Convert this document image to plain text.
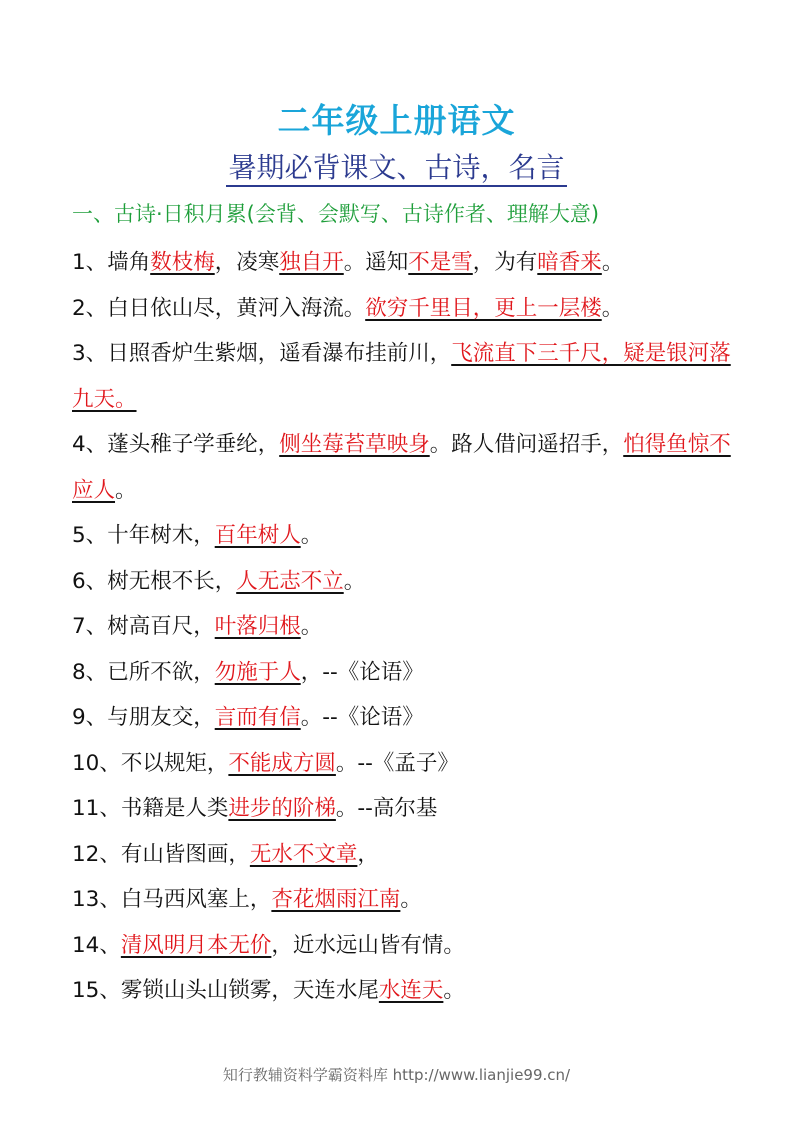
二年级上册语文
暑期必背课文、古诗，名言
一、古诗·日积月累(会背、会默写、古诗作者、理解大意)
1、墙角数枝梅，凌寒独自开。遥知不是雪，为有暗香来。
2、白日依山尽，黄河入海流。欲穷千里目，更上一层楼。
3、日照香炉生紫烟，遥看瀑布挂前川，飞流直下三千尺，疑是银河落九天。
4、蓬头稚子学垂纶，侧坐莓苔草映身。路人借问遥招手，怕得鱼惊不应人。
5、十年树木，百年树人。
6、树无根不长，人无志不立。
7、树高百尺，叶落归根。
8、已所不欲，勿施于人，--《论语》
9、与朋友交，言而有信。--《论语》
10、不以规矩，不能成方圆。--《孟子》
11、书籍是人类进步的阶梯。--高尔基
12、有山皆图画，无水不文章，
13、白马西风塞上，杏花烟雨江南。
14、清风明月本无价，近水远山皆有情。
15、雾锁山头山锁雾，天连水尾水连天。
知行教辅资料学霸资料库 http://www.lianjie99.cn/
